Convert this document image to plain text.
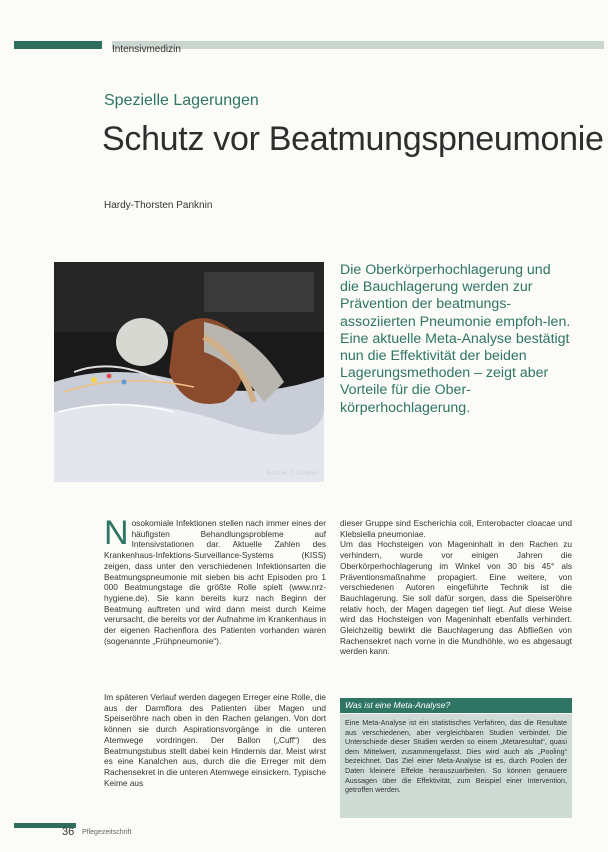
Intensivmedizin
Spezielle Lagerungen
Schutz vor Beatmungspneumonie
Hardy-Thorsten Panknin
Foto: H.-T. Panknin
Die Oberkörperhochlagerung und die Bauchlagerung werden zur Prävention der beatmungs-assoziierten Pneumonie empfoh-len. Eine aktuelle Meta-Analyse bestätigt nun die Effektivität der beiden Lagerungsmethoden – zeigt aber Vorteile für die Ober-körperhochlagerung.
Nosokomiale Infektionen stellen nach immer eines der häufigsten Behandlungsprobleme auf Intensivstationen dar. Aktuelle Zahlen des Krankenhaus-Infektions-Surveillance-Systems (KISS) zeigen, dass unter den verschiedenen Infektionsarten die Beatmungspneumonie mit sieben bis acht Episoden pro 1 000 Beatmungstage die größte Rolle spielt (www.nrz-hygiene.de). Sie kann bereits kurz nach Beginn der Beatmung auftreten und wird dann meist durch Keime verursacht, die bereits vor der Aufnahme im Krankenhaus in der eigenen Rachenflora des Patienten vorhanden waren (sogenannte „Frühpneumonie“).
Im späteren Verlauf werden dagegen Erreger eine Rolle, die aus der Darmflora des Patienten über Magen und Speiseröhre nach oben in den Rachen gelangen. Von dort können sie durch Aspirationsvorgänge in die unteren Atemwege vordringen. Der Ballon („Cuff“) des Beatmungstubus stellt dabei kein Hindernis dar. Meist wirst es eine Kanalchen aus, durch die die Erreger mit dem Rachensekret in die unteren Atemwege einsickern. Typische Keime aus
dieser Gruppe sind Escherichia coli, Enterobacter cloacae und Klebsiella pneumoniae.
Um das Hochsteigen von Mageninhalt in den Rachen zu verhindern, wurde vor einigen Jahren die Oberkörperhochlagerung im Winkel von 30 bis 45° als Präventionsmaßnahme propagiert. Eine weitere, von verschiedenen Autoren eingeführte Technik ist die Bauchlagerung. Sie soll dafür sorgen, dass die Speiseröhre relativ hoch, der Magen dagegen tief liegt. Auf diese Weise wird das Hochsteigen von Mageninhalt ebenfalls verhindert. Gleichzeitig bewirkt die Bauchlagerung das Abfließen von Rachensekret nach vorne in die Mundhöhle, wo es abgesaugt werden kann.
Was ist eine Meta-Analyse?
Eine Meta-Analyse ist ein statistisches Verfahren, das die Resultate aus verschiedenen, aber vergleichbaren Studien verbindet. Die Unterschiede dieser Studien werden so einem „Metaresultat“, quasi dem Mittelwert, zusammengefasst. Dies wird auch als „Pooling“ bezeichnet. Das Ziel einer Meta-Analyse ist es, durch Poolen der Daten kleinere Effekte herauszuarbeiten. So können genauere Aussagen über die Effektivität, zum Beispiel einer Intervention, getroffen werden.
36 Pflegezeitschrift
